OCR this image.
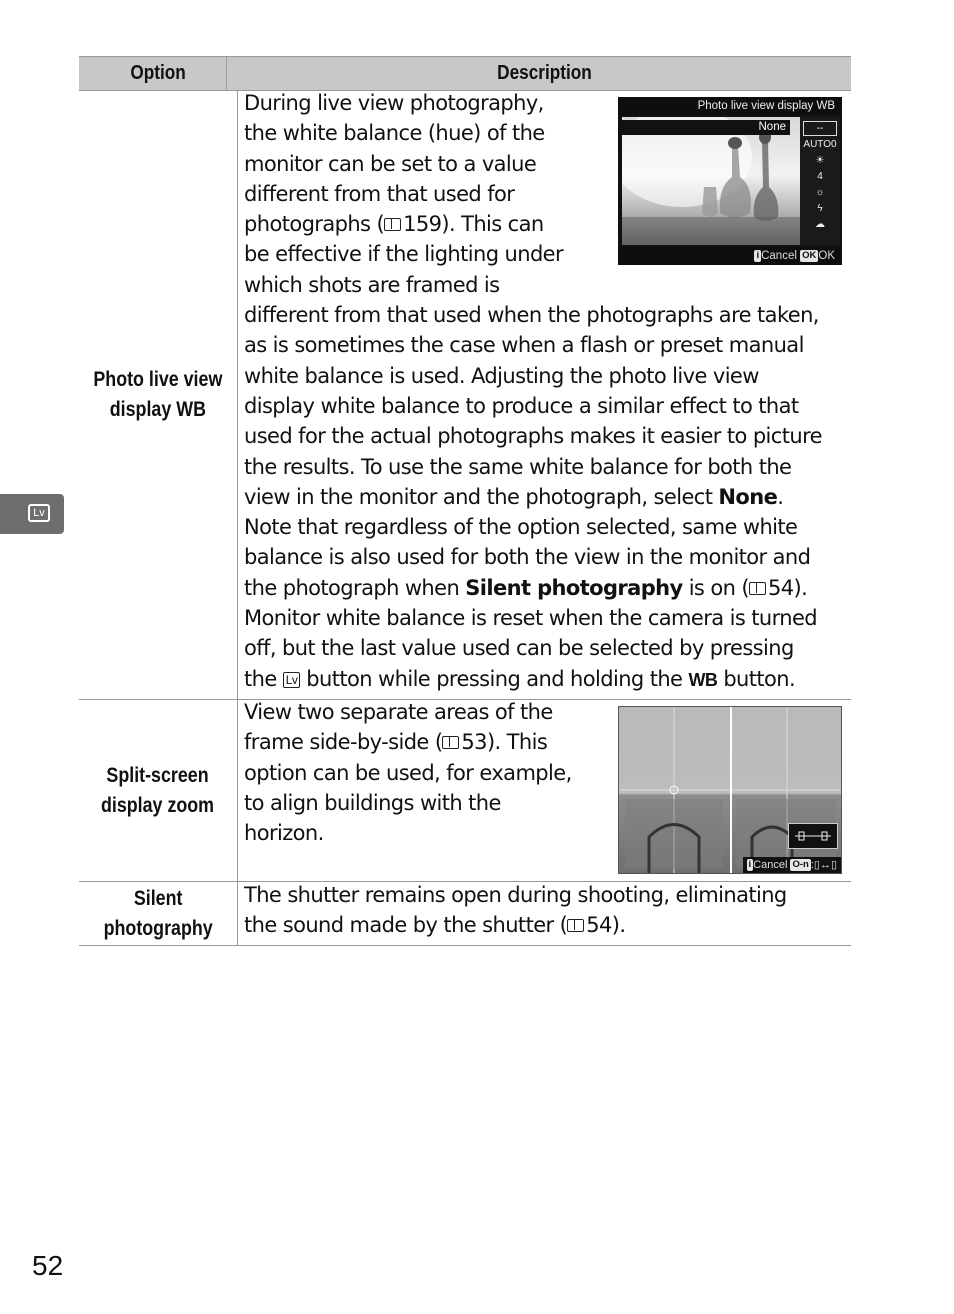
Lv
Option	Description
Photo live view
display WB
During live view photography,
the white balance (hue) of the
monitor can be set to a value
different from that used for
photographs ( 159). This can
be effective if the lighting under
which shots are framed is
different from that used when the photographs are taken,
as is sometimes the case when a flash or preset manual
white balance is used. Adjusting the photo live view
display white balance to produce a similar effect to that
used for the actual photographs makes it easier to picture
the results. To use the same white balance for both the
view in the monitor and the photograph, select None.
Note that regardless of the option selected, same white
balance is also used for both the view in the monitor and
the photograph when Silent photography is on ( 54).
Monitor white balance is reset when the camera is turned
off, but the last value used can be selected by pressing
the Lv button while pressing and holding the WB button.
Split-screen
display zoom
View two separate areas of the
frame side-by-side ( 53). This
option can be used, for example,
to align buildings with the
horizon.
Silent
photography
The shutter remains open during shooting, eliminating
the sound made by the shutter ( 54).
Photo live view display WB
None	--
AUTO0
☀
4
☼
ϟ
☁
i Cancel OK OK
i Cancel O-n :▯↔▯
52
